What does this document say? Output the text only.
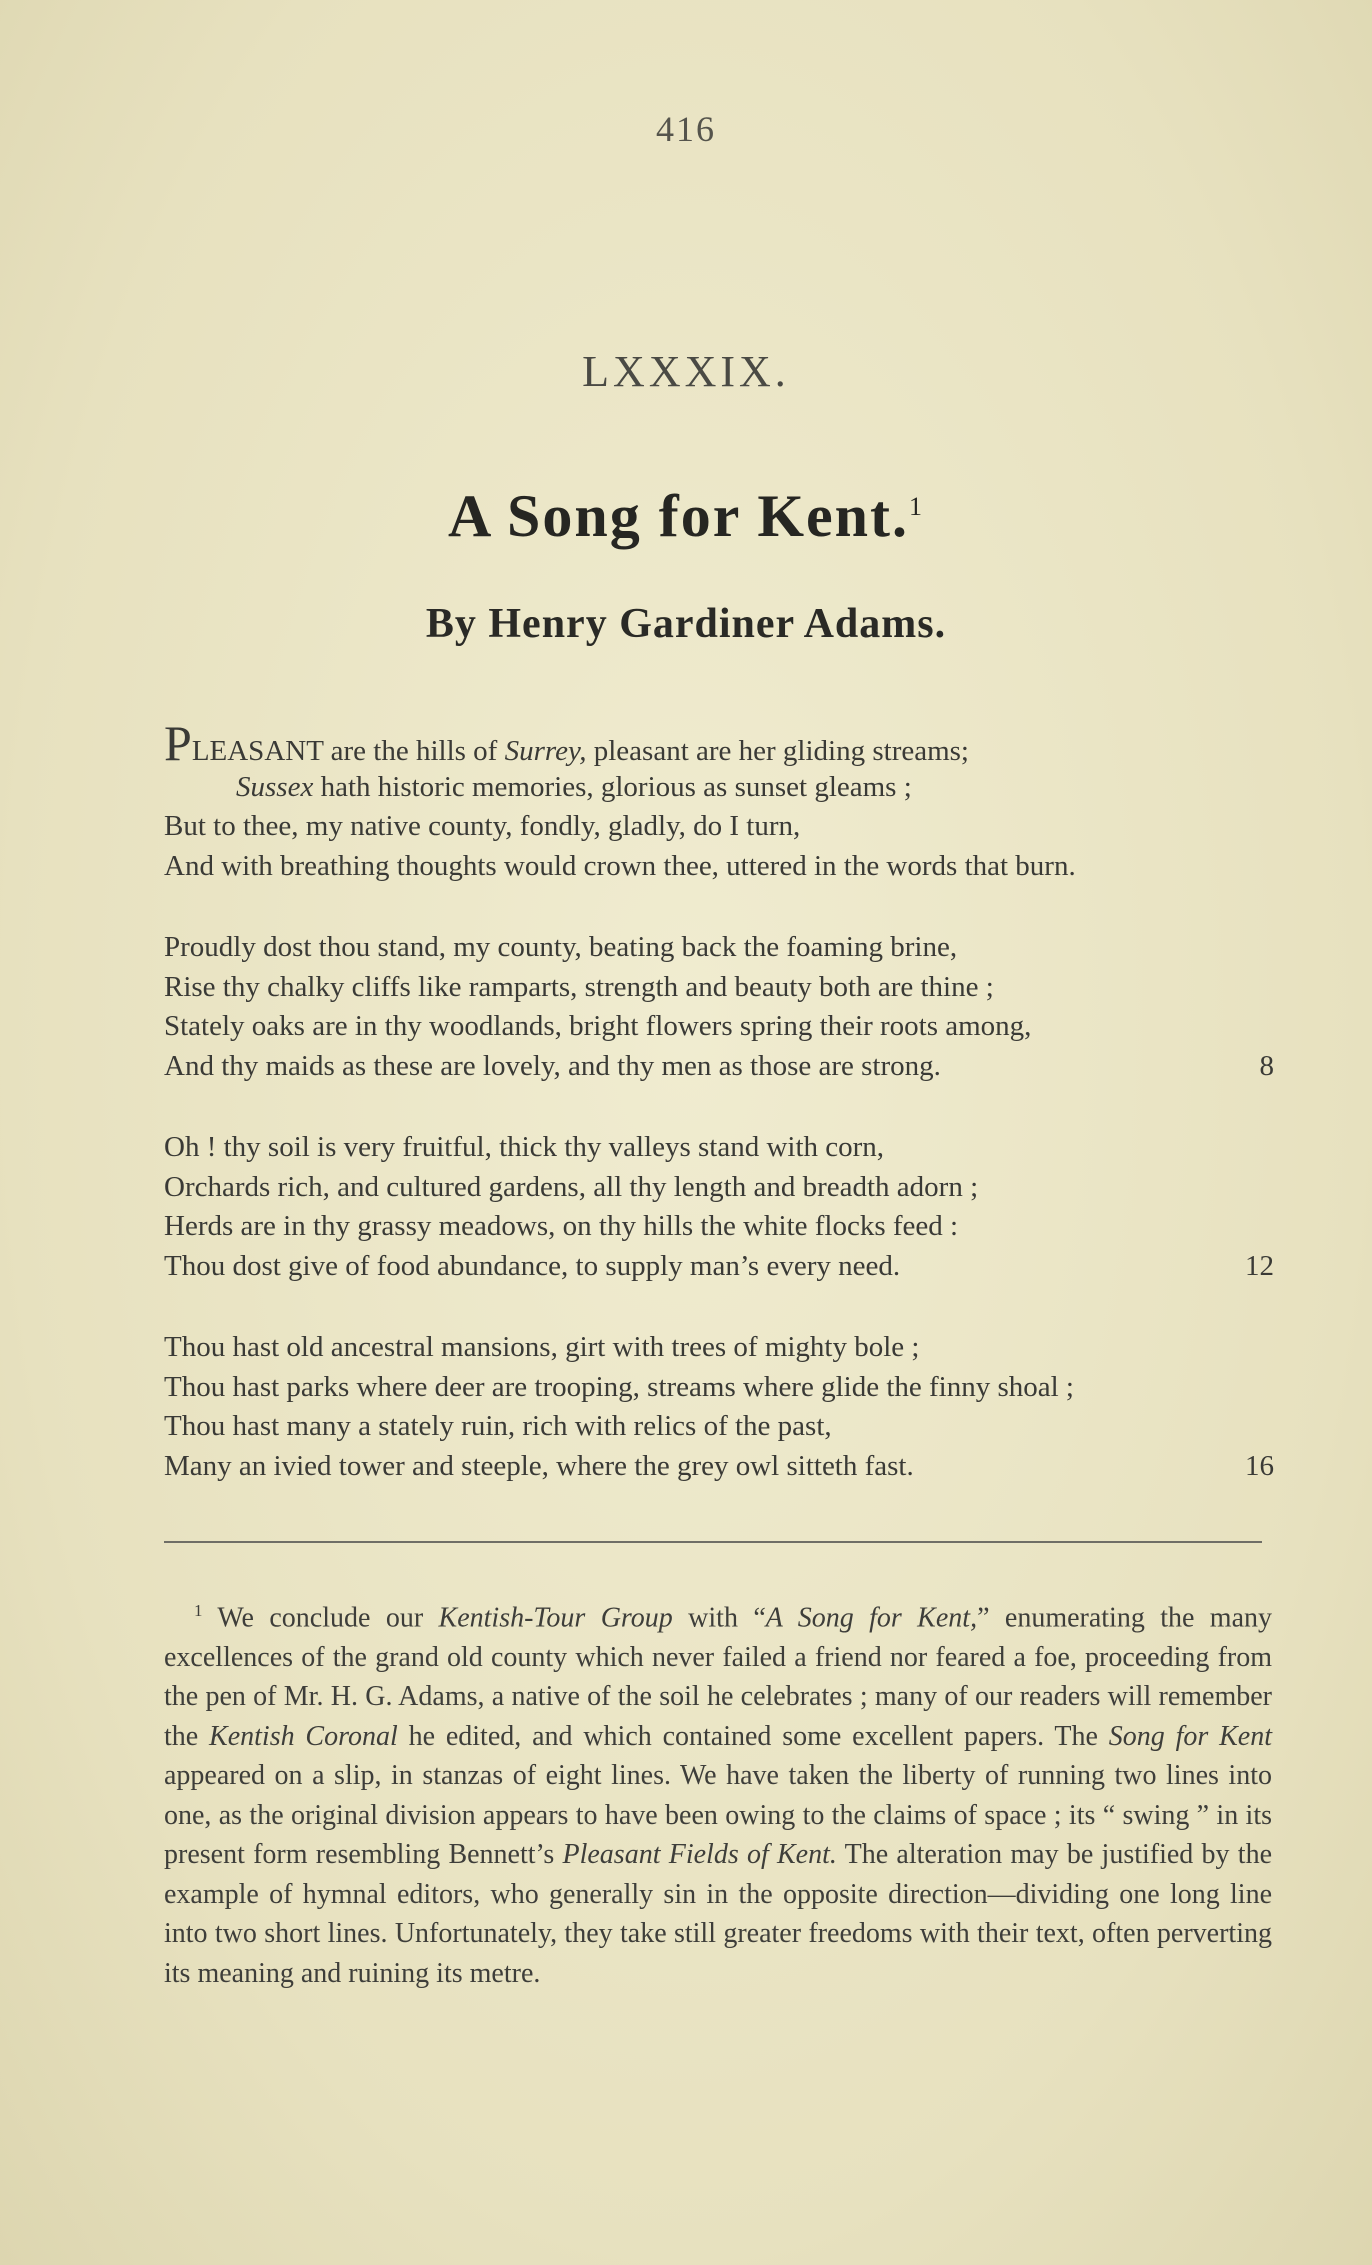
416
LXXXIX.
A Song for Kent.$^1$
By Henry Gardiner Adams.
PLEASANT are the hills of Surrey, pleasant are her gliding streams;
Sussex hath historic memories, glorious as sunset gleams ;
But to thee, my native county, fondly, gladly, do I turn,
And with breathing thoughts would crown thee, uttered in the words that burn.
Proudly dost thou stand, my county, beating back the foaming brine,
Rise thy chalky cliffs like ramparts, strength and beauty both are thine ;
Stately oaks are in thy woodlands, bright flowers spring their roots among,
And thy maids as these are lovely, and thy men as those are strong.	8
Oh ! thy soil is very fruitful, thick thy valleys stand with corn,
Orchards rich, and cultured gardens, all thy length and breadth adorn ;
Herds are in thy grassy meadows, on thy hills the white flocks feed :
Thou dost give of food abundance, to supply man’s every need.	12
Thou hast old ancestral mansions, girt with trees of mighty bole ;
Thou hast parks where deer are trooping, streams where glide the finny shoal ;
Thou hast many a stately ruin, rich with relics of the past,
Many an ivied tower and steeple, where the grey owl sitteth fast.	16

$^1$ We conclude our Kentish-Tour Group with “A Song for Kent,” enumerating the many excellences of the grand old county which never failed a friend nor feared a foe, proceeding from the pen of Mr. H. G. Adams, a native of the soil he celebrates ; many of our readers will remember the Kentish Coronal he edited, and which contained some excellent papers. The Song for Kent appeared on a slip, in stanzas of eight lines. We have taken the liberty of running two lines into one, as the original division appears to have been owing to the claims of space ; its “ swing ” in its present form resembling Bennett’s Pleasant Fields of Kent. The alteration may be justified by the example of hymnal editors, who generally sin in the opposite direction—dividing one long line into two short lines. Unfortunately, they take still greater freedoms with their text, often perverting its meaning and ruining its metre.
